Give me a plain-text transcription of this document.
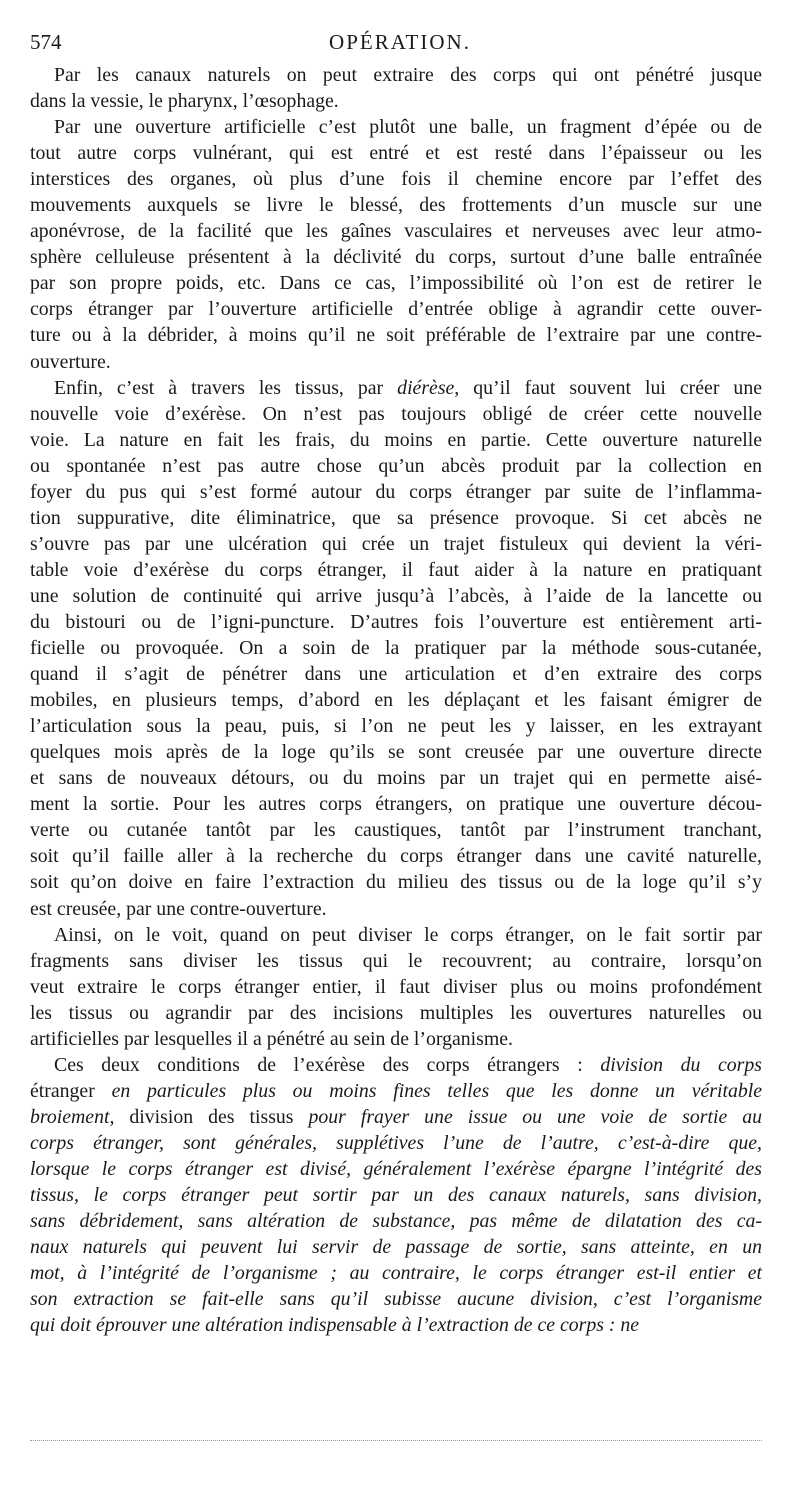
574	OPÉRATION.
Par les canaux naturels on peut extraire des corps qui ont pénétré jusque
dans la vessie, le pharynx, l’œsophage.
Par une ouverture artificielle c’est plutôt une balle, un fragment d’épée ou de
tout autre corps vulnérant, qui est entré et est resté dans l’épaisseur ou les
interstices des organes, où plus d’une fois il chemine encore par l’effet des
mouvements auxquels se livre le blessé, des frottements d’un muscle sur une
aponévrose, de la facilité que les gaînes vasculaires et nerveuses avec leur atmo-
sphère celluleuse présentent à la déclivité du corps, surtout d’une balle entraînée
par son propre poids, etc. Dans ce cas, l’impossibilité où l’on est de retirer le
corps étranger par l’ouverture artificielle d’entrée oblige à agrandir cette ouver-
ture ou à la débrider, à moins qu’il ne soit préférable de l’extraire par une contre-
ouverture.
Enfin, c’est à travers les tissus, par diérèse, qu’il faut souvent lui créer une
nouvelle voie d’exérèse. On n’est pas toujours obligé de créer cette nouvelle
voie. La nature en fait les frais, du moins en partie. Cette ouverture naturelle
ou spontanée n’est pas autre chose qu’un abcès produit par la collection en
foyer du pus qui s’est formé autour du corps étranger par suite de l’inflamma-
tion suppurative, dite éliminatrice, que sa présence provoque. Si cet abcès ne
s’ouvre pas par une ulcération qui crée un trajet fistuleux qui devient la véri-
table voie d’exérèse du corps étranger, il faut aider à la nature en pratiquant
une solution de continuité qui arrive jusqu’à l’abcès, à l’aide de la lancette ou
du bistouri ou de l’igni-puncture. D’autres fois l’ouverture est entièrement arti-
ficielle ou provoquée. On a soin de la pratiquer par la méthode sous-cutanée,
quand il s’agit de pénétrer dans une articulation et d’en extraire des corps
mobiles, en plusieurs temps, d’abord en les déplaçant et les faisant émigrer de
l’articulation sous la peau, puis, si l’on ne peut les y laisser, en les extrayant
quelques mois après de la loge qu’ils se sont creusée par une ouverture directe
et sans de nouveaux détours, ou du moins par un trajet qui en permette aisé-
ment la sortie. Pour les autres corps étrangers, on pratique une ouverture décou-
verte ou cutanée tantôt par les caustiques, tantôt par l’instrument tranchant,
soit qu’il faille aller à la recherche du corps étranger dans une cavité naturelle,
soit qu’on doive en faire l’extraction du milieu des tissus ou de la loge qu’il s’y
est creusée, par une contre-ouverture.
Ainsi, on le voit, quand on peut diviser le corps étranger, on le fait sortir par
fragments sans diviser les tissus qui le recouvrent; au contraire, lorsqu’on
veut extraire le corps étranger entier, il faut diviser plus ou moins profondément
les tissus ou agrandir par des incisions multiples les ouvertures naturelles ou
artificielles par lesquelles il a pénétré au sein de l’organisme.
Ces deux conditions de l’exérèse des corps étrangers : division du corps
étranger en particules plus ou moins fines telles que les donne un véritable
broiement, division des tissus pour frayer une issue ou une voie de sortie au
corps étranger, sont générales, supplétives l’une de l’autre, c’est-à-dire que,
lorsque le corps étranger est divisé, généralement l’exérèse épargne l’intégrité des
tissus, le corps étranger peut sortir par un des canaux naturels, sans division,
sans débridement, sans altération de substance, pas même de dilatation des ca-
naux naturels qui peuvent lui servir de passage de sortie, sans atteinte, en un
mot, à l’intégrité de l’organisme ; au contraire, le corps étranger est-il entier et
son extraction se fait-elle sans qu’il subisse aucune division, c’est l’organisme
qui doit éprouver une altération indispensable à l’extraction de ce corps : ne
